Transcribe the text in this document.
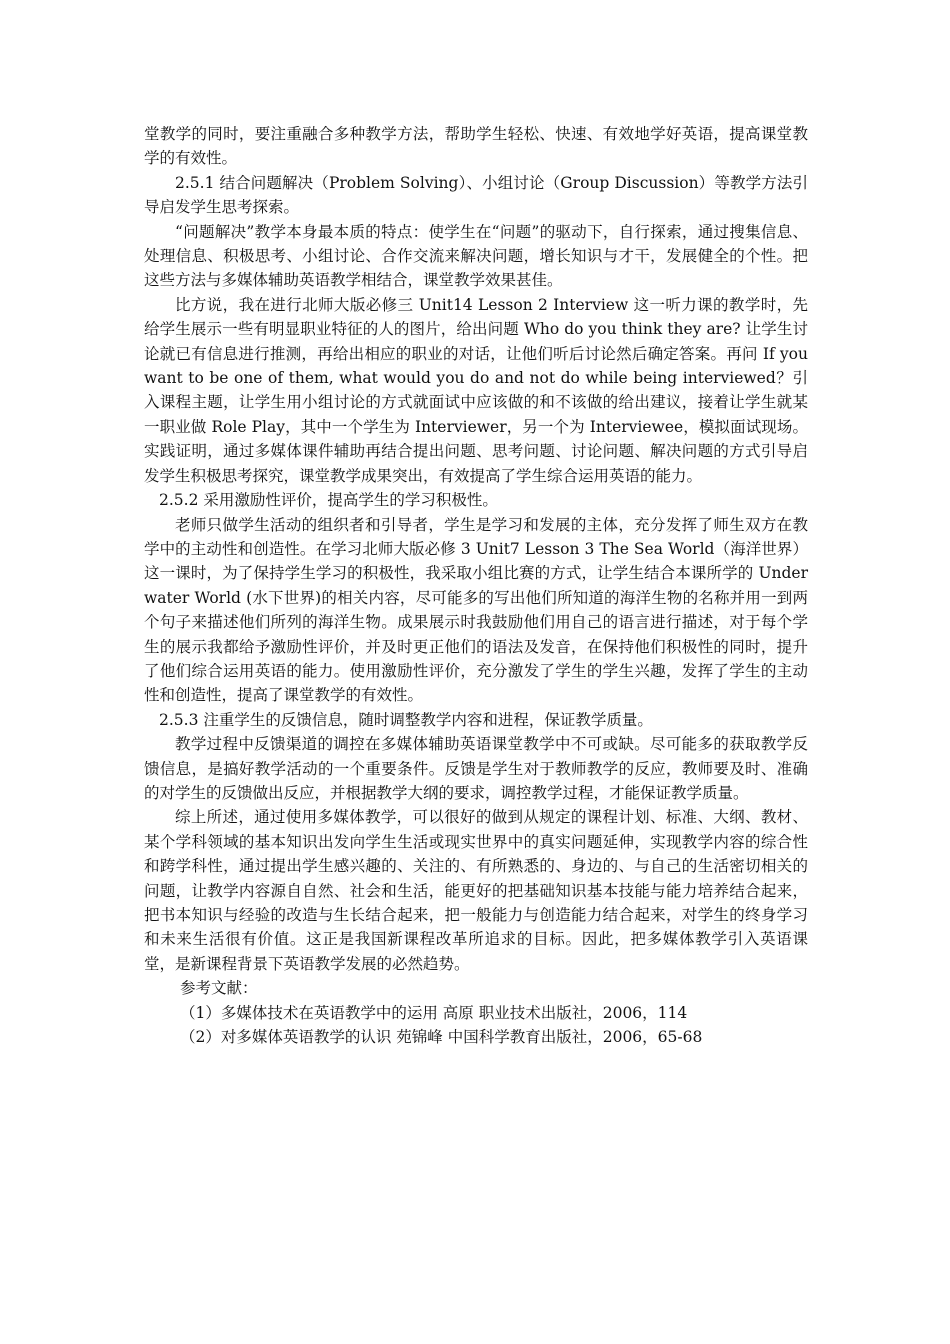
堂教学的同时，要注重融合多种教学方法，帮助学生轻松、快速、有效地学好英语，提高课堂教学的有效性。

2.5.1 结合问题解决（Problem Solving）、小组讨论（Group Discussion）等教学方法引导启发学生思考探索。

“问题解决”教学本身最本质的特点：使学生在“问题”的驱动下，自行探索，通过搜集信息、处理信息、积极思考、小组讨论、合作交流来解决问题，增长知识与才干，发展健全的个性。把这些方法与多媒体辅助英语教学相结合，课堂教学效果甚佳。

比方说，我在进行北师大版必修三 Unit14 Lesson 2 Interview 这一听力课的教学时，先给学生展示一些有明显职业特征的人的图片，给出问题 Who do you think they are? 让学生讨论就已有信息进行推测，再给出相应的职业的对话，让他们听后讨论然后确定答案。再问 If you want to be one of them, what would you do and not do while being interviewed？引入课程主题，让学生用小组讨论的方式就面试中应该做的和不该做的给出建议，接着让学生就某一职业做 Role Play，其中一个学生为 Interviewer，另一个为 Interviewee，模拟面试现场。实践证明，通过多媒体课件辅助再结合提出问题、思考问题、讨论问题、解决问题的方式引导启发学生积极思考探究，课堂教学成果突出，有效提高了学生综合运用英语的能力。

2.5.2 采用激励性评价，提高学生的学习积极性。

老师只做学生活动的组织者和引导者，学生是学习和发展的主体，充分发挥了师生双方在教学中的主动性和创造性。在学习北师大版必修 3 Unit7 Lesson 3 The Sea World（海洋世界）这一课时，为了保持学生学习的积极性，我采取小组比赛的方式，让学生结合本课所学的 Underwater World (水下世界)的相关内容，尽可能多的写出他们所知道的海洋生物的名称并用一到两个句子来描述他们所列的海洋生物。成果展示时我鼓励他们用自己的语言进行描述，对于每个学生的展示我都给予激励性评价，并及时更正他们的语法及发音，在保持他们积极性的同时，提升了他们综合运用英语的能力。使用激励性评价，充分激发了学生的学生兴趣，发挥了学生的主动性和创造性，提高了课堂教学的有效性。

2.5.3 注重学生的反馈信息，随时调整教学内容和进程，保证教学质量。

教学过程中反馈渠道的调控在多媒体辅助英语课堂教学中不可或缺。尽可能多的获取教学反馈信息，是搞好教学活动的一个重要条件。反馈是学生对于教师教学的反应，教师要及时、准确的对学生的反馈做出反应，并根据教学大纲的要求，调控教学过程，才能保证教学质量。

综上所述，通过使用多媒体教学，可以很好的做到从规定的课程计划、标准、大纲、教材、某个学科领域的基本知识出发向学生生活或现实世界中的真实问题延伸，实现教学内容的综合性和跨学科性，通过提出学生感兴趣的、关注的、有所熟悉的、身边的、与自己的生活密切相关的问题，让教学内容源自自然、社会和生活，能更好的把基础知识基本技能与能力培养结合起来，把书本知识与经验的改造与生长结合起来，把一般能力与创造能力结合起来，对学生的终身学习和未来生活很有价值。这正是我国新课程改革所追求的目标。因此，把多媒体教学引入英语课堂，是新课程背景下英语教学发展的必然趋势。

参考文献：

（1）多媒体技术在英语教学中的运用 高原 职业技术出版社，2006，114

（2）对多媒体英语教学的认识 苑锦峰 中国科学教育出版社，2006，65-68
